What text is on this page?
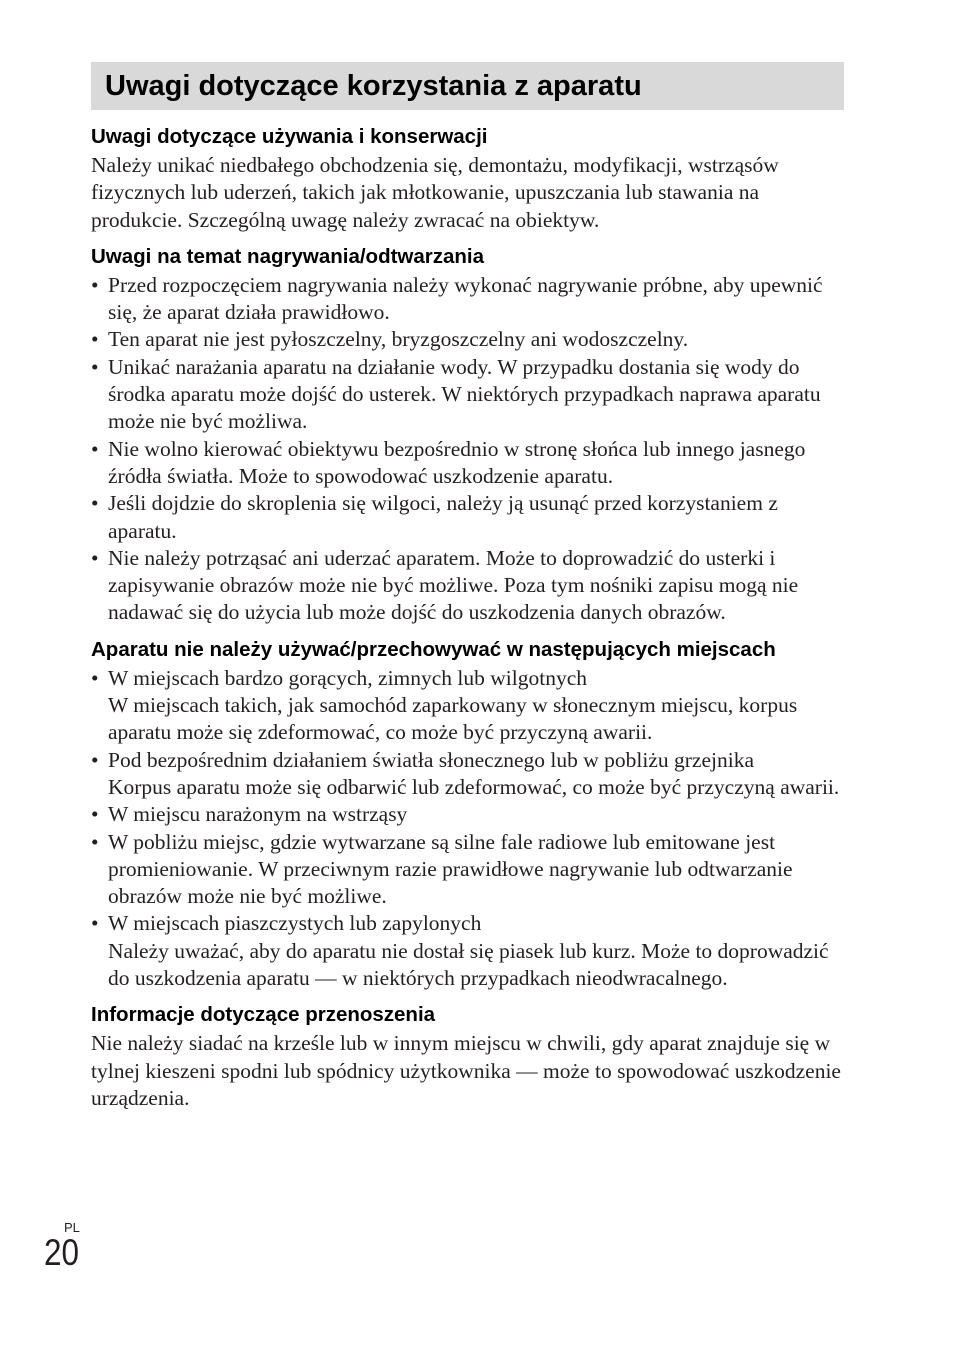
Uwagi dotyczące korzystania z aparatu
Uwagi dotyczące używania i konserwacji

Należy unikać niedbałego obchodzenia się, demontażu, modyfikacji, wstrząsów fizycznych lub uderzeń, takich jak młotkowanie, upuszczania lub stawania na produkcie. Szczególną uwagę należy zwracać na obiektyw.

Uwagi na temat nagrywania/odtwarzania
• Przed rozpoczęciem nagrywania należy wykonać nagrywanie próbne, aby upewnić się, że aparat działa prawidłowo.
• Ten aparat nie jest pyłoszczelny, bryzgoszczelny ani wodoszczelny.
• Unikać narażania aparatu na działanie wody. W przypadku dostania się wody do środka aparatu może dojść do usterek. W niektórych przypadkach naprawa aparatu może nie być możliwa.
• Nie wolno kierować obiektywu bezpośrednio w stronę słońca lub innego jasnego źródła światła. Może to spowodować uszkodzenie aparatu.
• Jeśli dojdzie do skroplenia się wilgoci, należy ją usunąć przed korzystaniem z aparatu.
• Nie należy potrząsać ani uderzać aparatem. Może to doprowadzić do usterki i zapisywanie obrazów może nie być możliwe. Poza tym nośniki zapisu mogą nie nadawać się do użycia lub może dojść do uszkodzenia danych obrazów.
Aparatu nie należy używać/przechowywać w następujących miejscach
• W miejscach bardzo gorących, zimnych lub wilgotnych
W miejscach takich, jak samochód zaparkowany w słonecznym miejscu, korpus aparatu może się zdeformować, co może być przyczyną awarii.
• Pod bezpośrednim działaniem światła słonecznego lub w pobliżu grzejnika
Korpus aparatu może się odbarwić lub zdeformować, co może być przyczyną awarii.
• W miejscu narażonym na wstrząsy
• W pobliżu miejsc, gdzie wytwarzane są silne fale radiowe lub emitowane jest promieniowanie. W przeciwnym razie prawidłowe nagrywanie lub odtwarzanie obrazów może nie być możliwe.
• W miejscach piaszczystych lub zapylonych
Należy uważać, aby do aparatu nie dostał się piasek lub kurz. Może to doprowadzić do uszkodzenia aparatu — w niektórych przypadkach nieodwracalnego.
Informacje dotyczące przenoszenia

Nie należy siadać na krześle lub w innym miejscu w chwili, gdy aparat znajduje się w tylnej kieszeni spodni lub spódnicy użytkownika — może to spowodować uszkodzenie urządzenia.

PL
20
